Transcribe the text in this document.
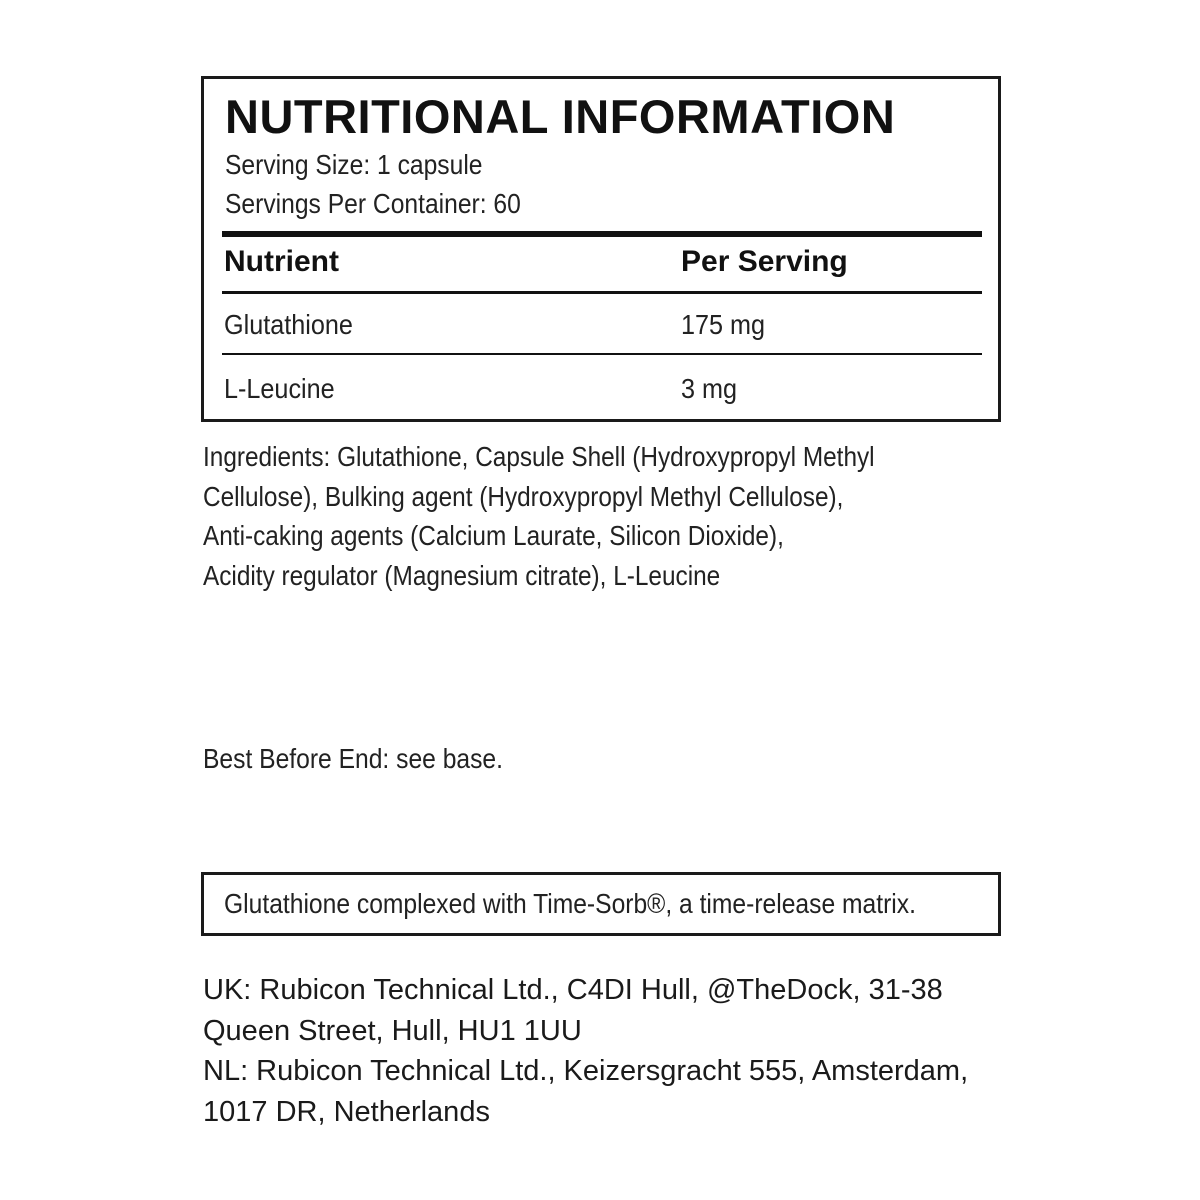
NUTRITIONAL INFORMATION
Serving Size: 1 capsule
Servings Per Container: 60
Nutrient	Per Serving
Glutathione	175 mg
L-Leucine	3 mg
Ingredients: Glutathione, Capsule Shell (Hydroxypropyl Methyl
Cellulose), Bulking agent (Hydroxypropyl Methyl Cellulose),
Anti-caking agents (Calcium Laurate, Silicon Dioxide),
Acidity regulator (Magnesium citrate), L-Leucine
Best Before End: see base.
Glutathione complexed with Time-Sorb®, a time-release matrix.
UK: Rubicon Technical Ltd., C4DI Hull, @TheDock, 31-38
Queen Street, Hull, HU1 1UU
NL: Rubicon Technical Ltd., Keizersgracht 555, Amsterdam,
1017 DR, Netherlands
